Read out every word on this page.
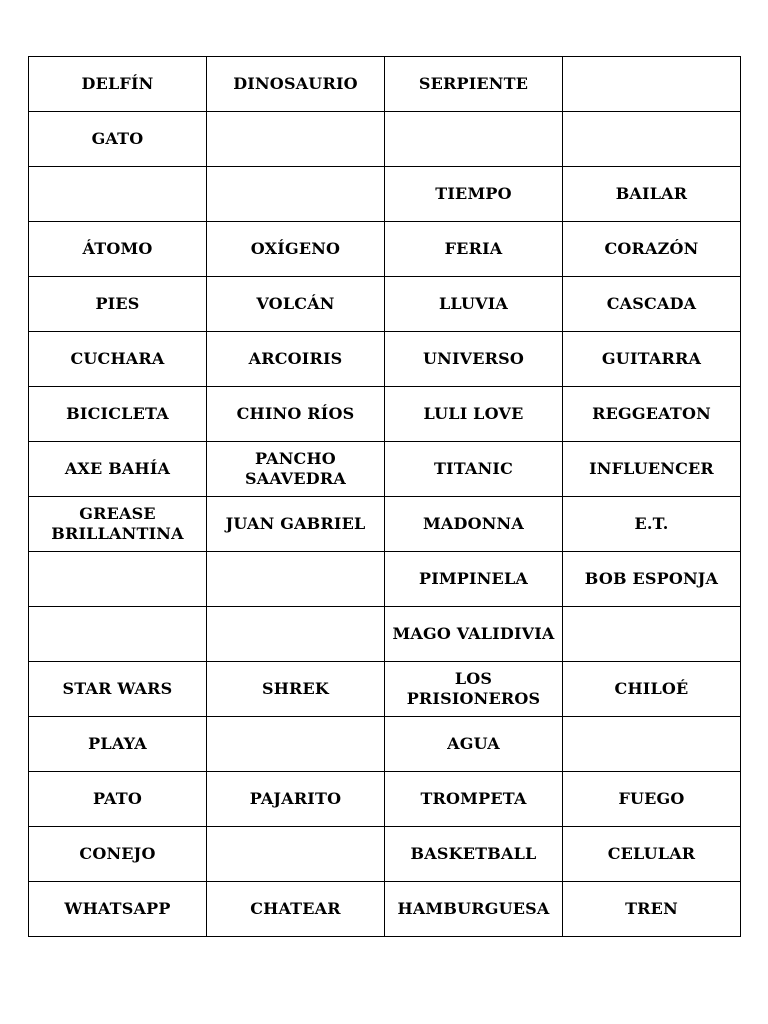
DELFÍN	DINOSAURIO	SERPIENTE	
GATO			
		TIEMPO	BAILAR
ÁTOMO	OXÍGENO	FERIA	CORAZÓN
PIES	VOLCÁN	LLUVIA	CASCADA
CUCHARA	ARCOIRIS	UNIVERSO	GUITARRA
BICICLETA	CHINO RÍOS	LULI LOVE	REGGEATON
AXE BAHÍA	PANCHO SAAVEDRA	TITANIC	INFLUENCER
GREASE BRILLANTINA	JUAN GABRIEL	MADONNA	E.T.
		PIMPINELA	BOB ESPONJA
		MAGO VALIDIVIA	
STAR WARS	SHREK	LOS PRISIONEROS	CHILOÉ
PLAYA		AGUA	
PATO	PAJARITO	TROMPETA	FUEGO
CONEJO		BASKETBALL	CELULAR
WHATSAPP	CHATEAR	HAMBURGUESA	TREN
